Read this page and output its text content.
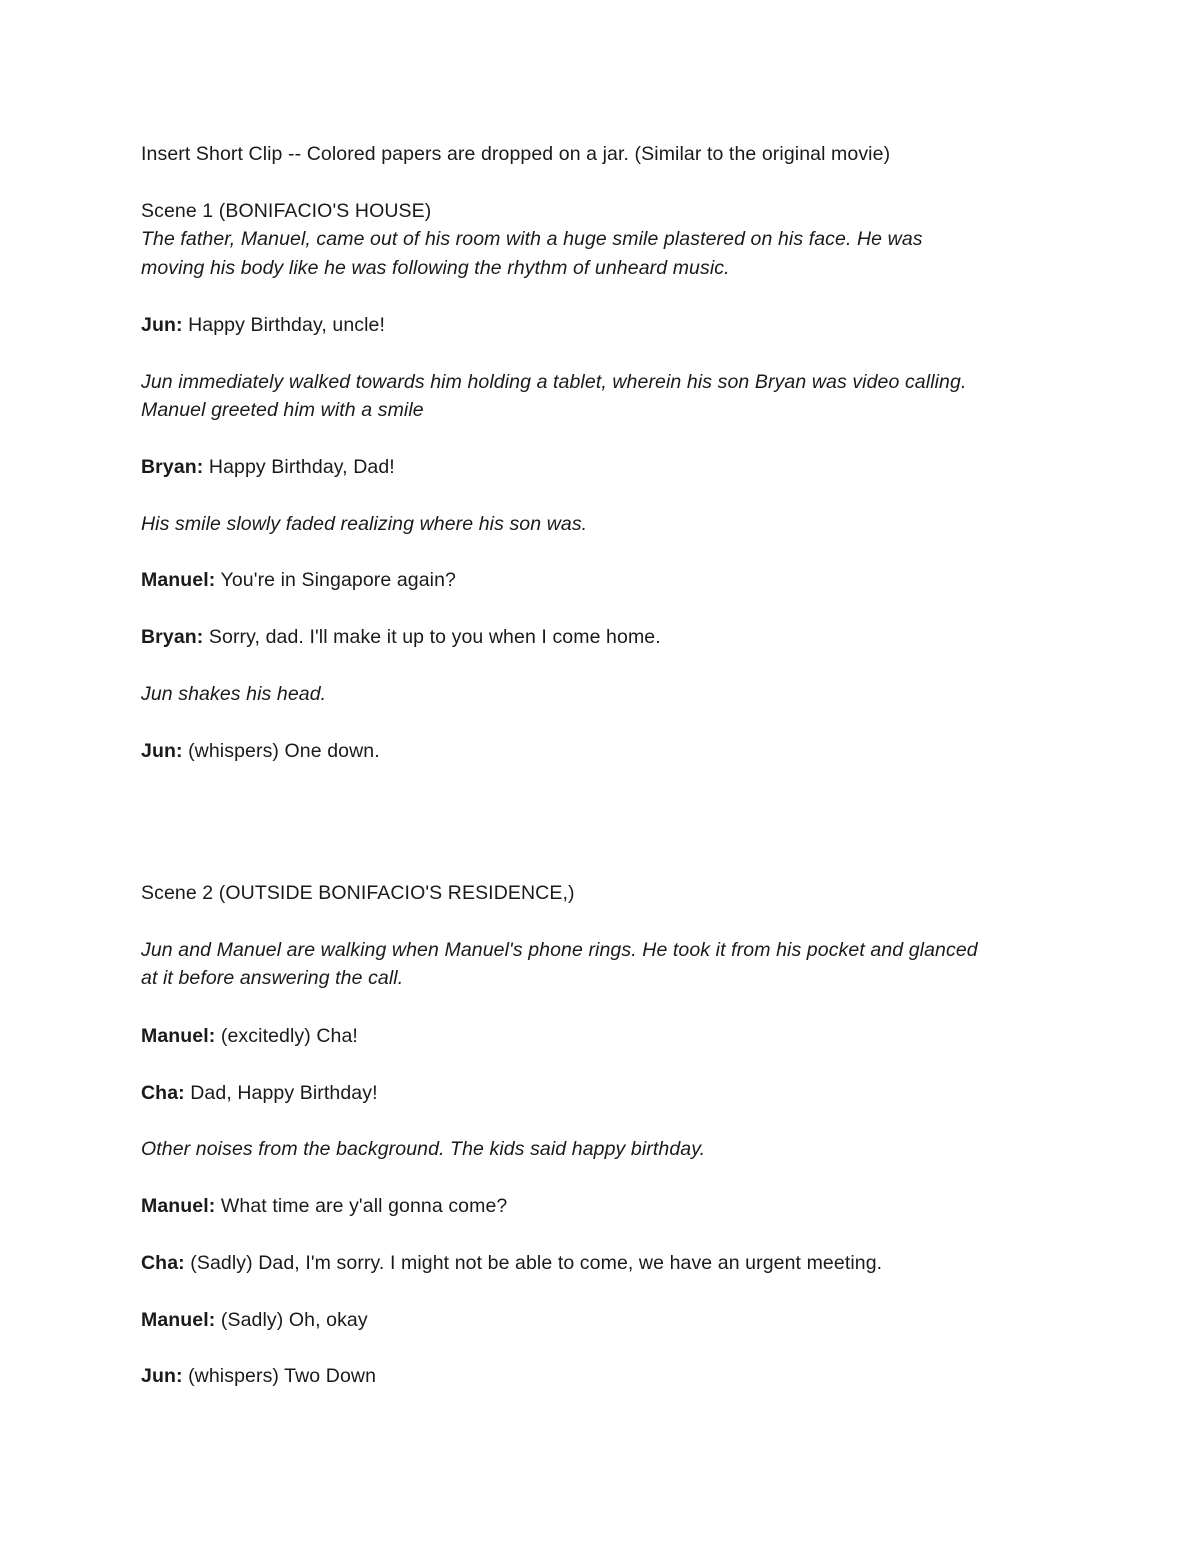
Insert Short Clip -- Colored papers are dropped on a jar. (Similar to the original movie)
Scene 1 (BONIFACIO'S HOUSE)
The father, Manuel, came out of his room with a huge smile plastered on his face. He was
moving his body like he was following the rhythm of unheard music.
Jun: Happy Birthday, uncle!
Jun immediately walked towards him holding a tablet, wherein his son Bryan was video calling.
Manuel greeted him with a smile
Bryan: Happy Birthday, Dad!
His smile slowly faded realizing where his son was.
Manuel: You're in Singapore again?
Bryan: Sorry, dad. I'll make it up to you when I come home.
Jun shakes his head.
Jun: (whispers) One down.
Scene 2 (OUTSIDE BONIFACIO'S RESIDENCE,)
Jun and Manuel are walking when Manuel's phone rings. He took it from his pocket and glanced
at it before answering the call.
Manuel: (excitedly) Cha!
Cha: Dad, Happy Birthday!
Other noises from the background. The kids said happy birthday.
Manuel: What time are y'all gonna come?
Cha: (Sadly) Dad, I'm sorry. I might not be able to come, we have an urgent meeting.
Manuel: (Sadly) Oh, okay
Jun: (whispers) Two Down
